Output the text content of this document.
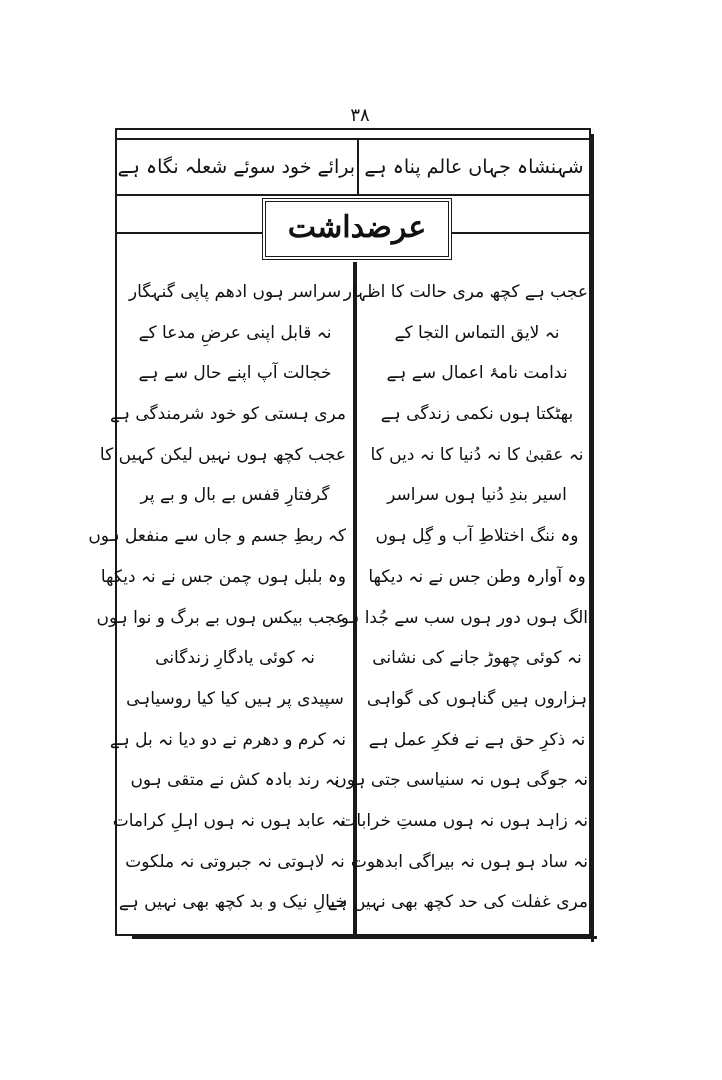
۳۸
شہنشاہ جہاں عالم پناہ ہے
برائے خود سوئے شعلہ نگاہ ہے
عرضداشت
عجب ہے کچھ مری حالت کا اظہار
نہ لایق التماس التجا کے
ندامت نامۂ اعمال سے ہے
بھٹکتا ہوں نکمی زندگی ہے
نہ عقبیٰ کا نہ دُنیا کا نہ دیں کا
اسیر بندِ دُنیا ہوں سراسر
وہ ننگ اختلاطِ آب و گِل ہوں
وہ آوارہ وطن جس نے نہ دیکھا
الگ ہوں دور ہوں سب سے جُدا ہو
نہ کوئی چھوڑ جانے کی نشانی
ہزاروں ہیں گناہوں کی گواہی
نہ ذکرِ حق ہے نے فکرِ عمل ہے
نہ جوگی ہوں نہ سنیاسی جتی ہوں
نہ زاہد ہوں نہ ہوں مستِ خرابات
نہ ساد ہو ہوں نہ بیراگی ابدھوت
مری غفلت کی حد کچھ بھی نہیں ہے
سراسر ہوں ادھم پاپی گنہگار
نہ قابل اپنی عرضِ مدعا کے
خجالت آپ اپنے حال سے ہے
مری ہستی کو خود شرمندگی ہے
عجب کچھ ہوں نہیں لیکن کہیں کا
گرفتارِ قفس بے بال و بے پر
کہ ربطِ جسم و جاں سے منفعل ہوں
وہ بلبل ہوں چمن جس نے نہ دیکھا
عجب بیکس ہوں بے برگ و نوا ہوں
نہ کوئی یادگارِ زندگانی
سپیدی پر ہیں کیا کیا روسیاہی
نہ کرم و دھرم نے دو دیا نہ بل ہے
نہ رند بادہ کش نے متقی ہوں
نہ عابد ہوں نہ ہوں اہلِ کرامات
نہ لاہوتی نہ جبروتی نہ ملکوت
خیالِ نیک و بد کچھ بھی نہیں ہے
